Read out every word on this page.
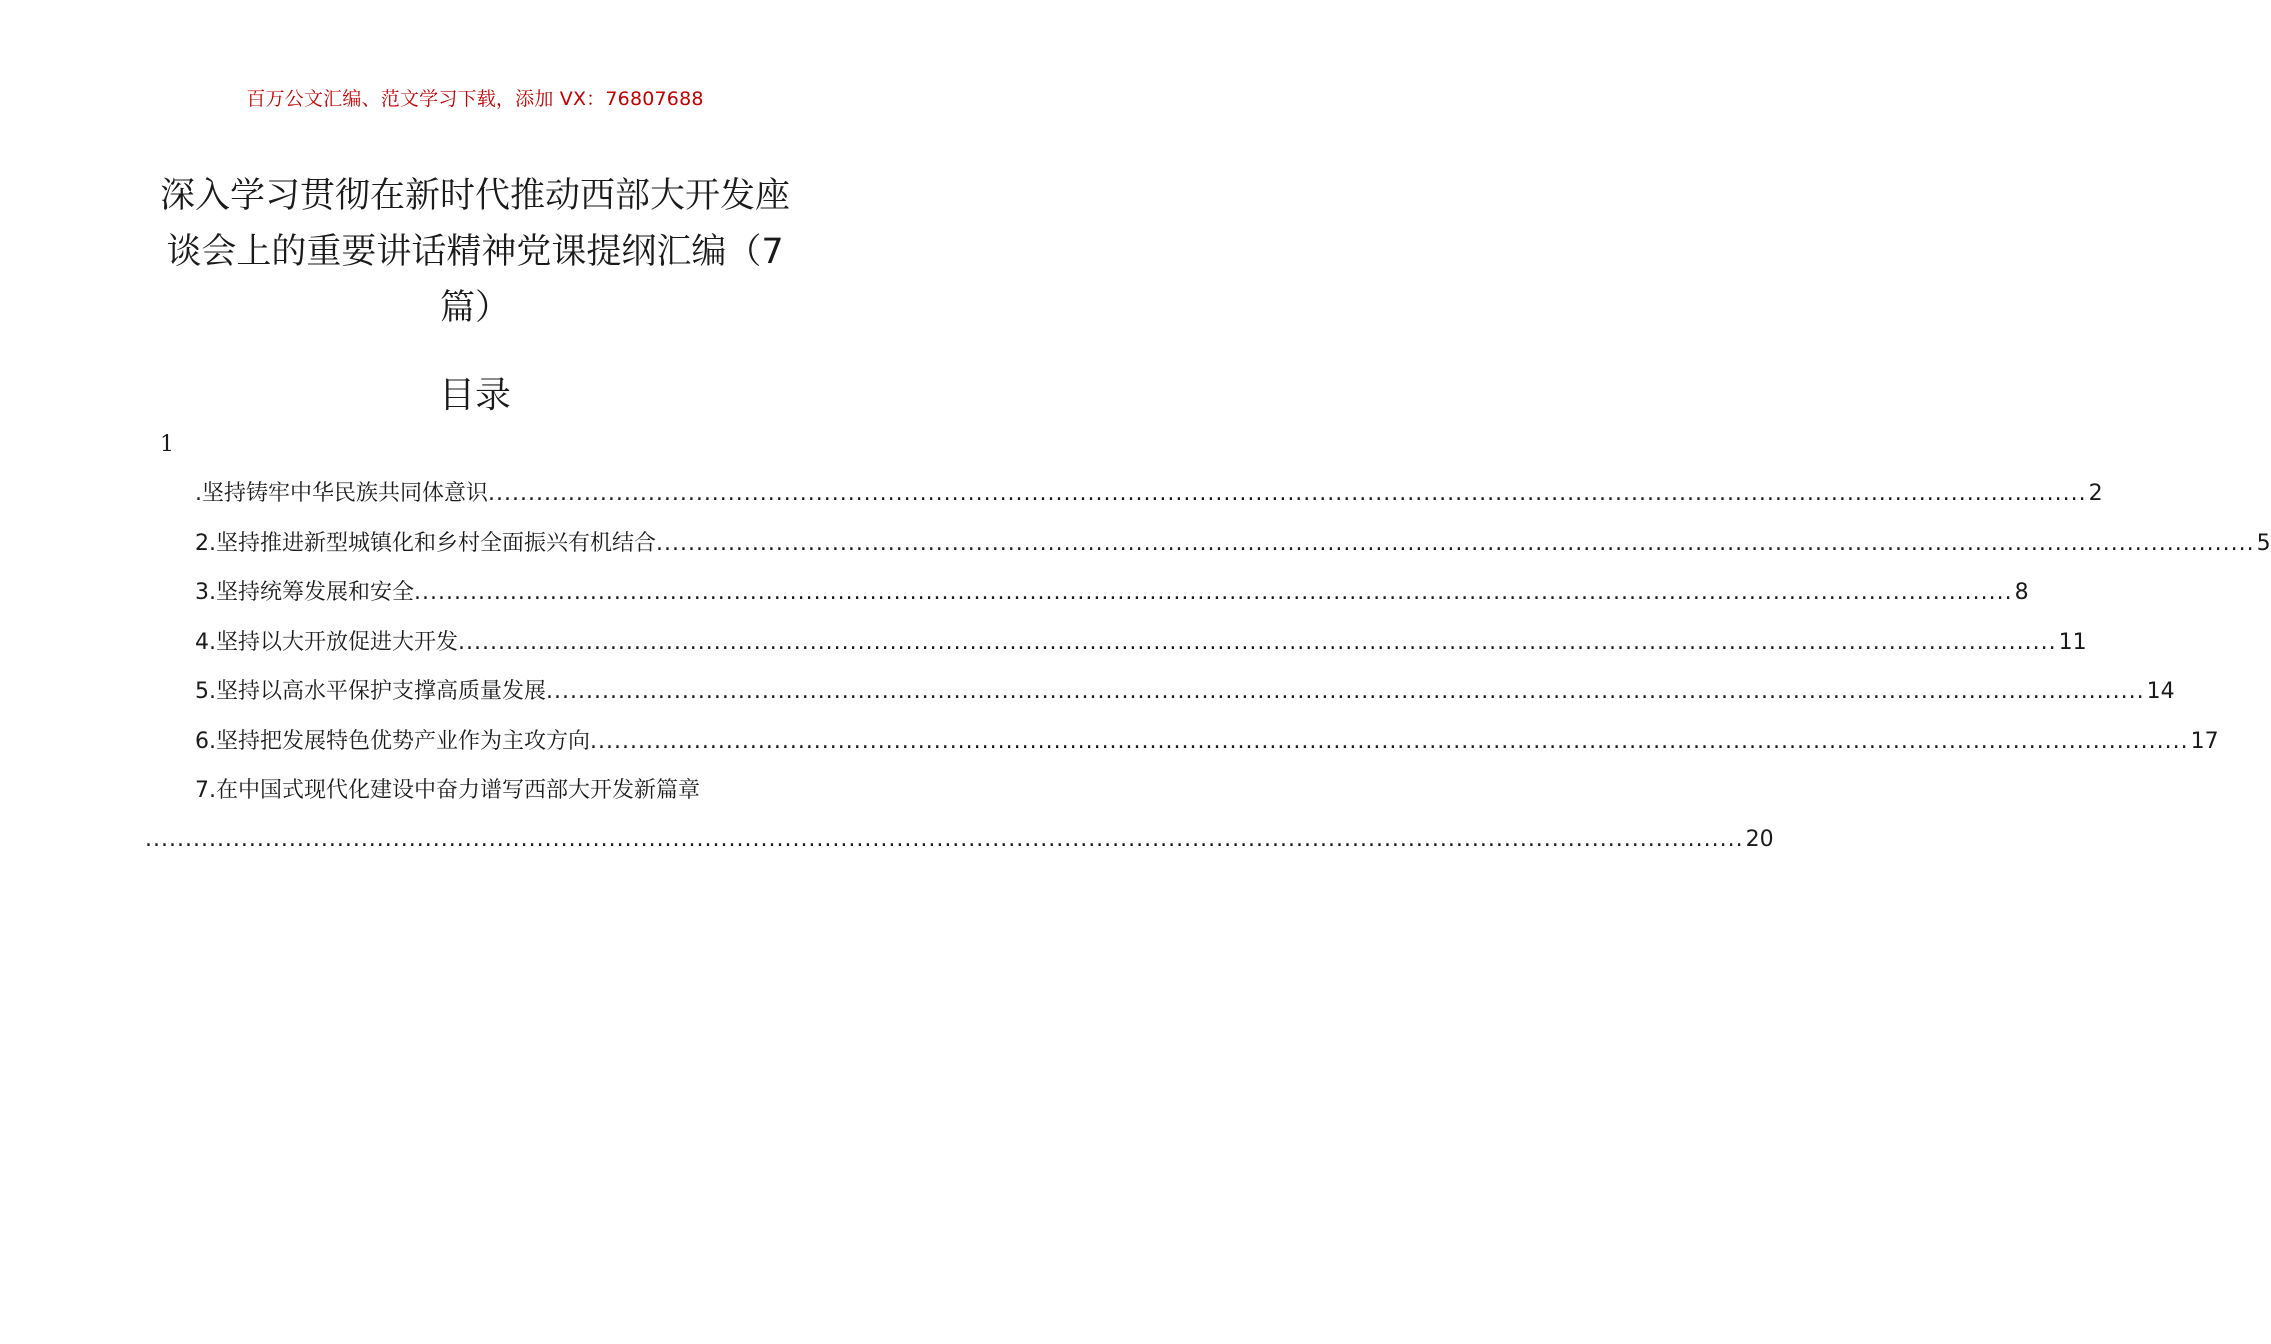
百万公文汇编、范文学习下载，添加 VX：76807688
深入学习贯彻在新时代推动西部大开发座
谈会上的重要讲话精神党课提纲汇编（7
篇）
目录
1
.坚持铸牢中华民族共同体意识 ........................................................................................................................................................................................................ 2
2.坚持推进新型城镇化和乡村全面振兴有机结合 ........................................................................................................................................................................................................ 5
3.坚持统筹发展和安全 ........................................................................................................................................................................................................ 8
4.坚持以大开放促进大开发 ........................................................................................................................................................................................................ 11
5.坚持以高水平保护支撑高质量发展 ........................................................................................................................................................................................................ 14
6.坚持把发展特色优势产业作为主攻方向 ........................................................................................................................................................................................................ 17
7.在中国式现代化建设中奋力谱写西部大开发新篇章
........................................................................................................................................................................................................ 20
